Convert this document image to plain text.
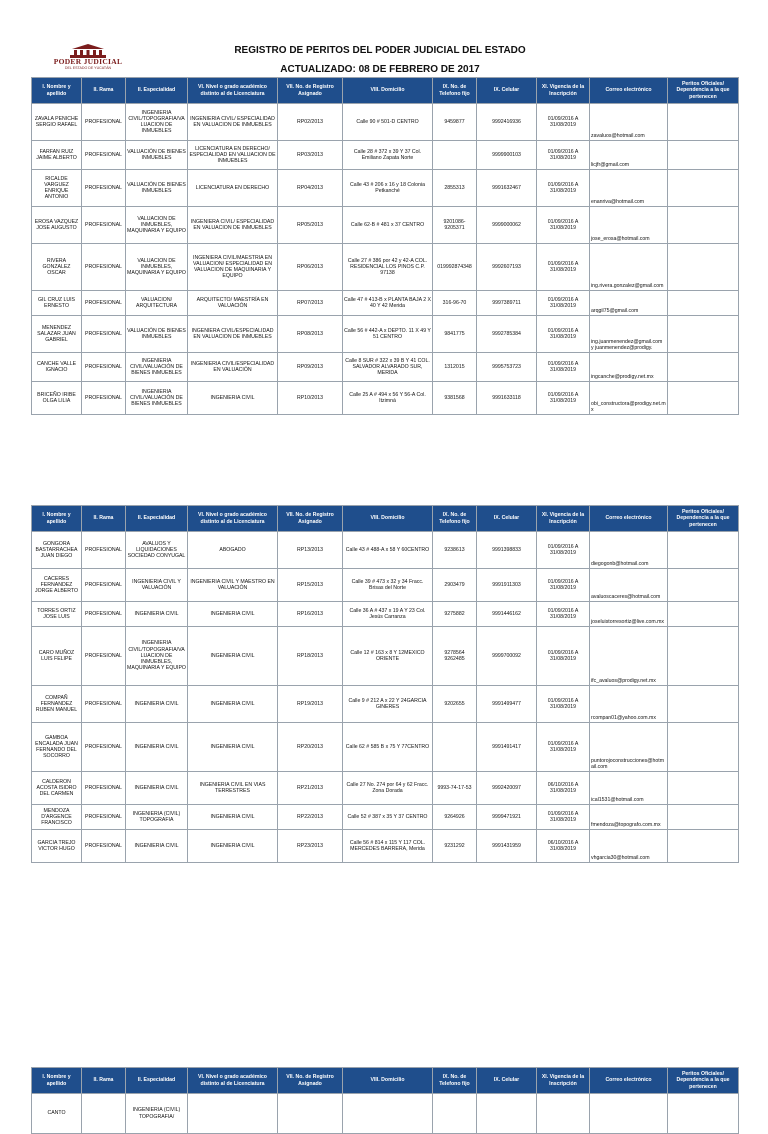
PODER JUDICIAL
DEL ESTADO DE YUCATÁN
REGISTRO DE PERITOS DEL PODER JUDICIAL DEL ESTADO
ACTUALIZADO: 08 DE FEBRERO DE 2017
I. Nombre y apellido	II. Rama	II. Especialidad	VI. Nivel o grado académico distinto al de Licenciatura	VII. No. de Registro Asignado	VIII. Domicilio	IX. No. de Telefono fijo	IX. Celular	XI. Vigencia de la Inscripción	Correo electrónico	Peritos Oficiales/ Dependencia a la que pertenecen
ZAVALA PENICHE SERGIO RAFAEL	PROFESIONAL	INGENIERIA CIVIL/TOPOGRAFIA/VALUACION DE INMUEBLES	INGENIERIA CIVIL/ ESPECIALIDAD EN VALUACION DE INMUEBLES	RP02/2013	Calle 90 # 501-D CENTRO	9459877	9992416936	01/09/2016 A 31/08/2019	zavaluos@hotmail.com	
FARFAN RUIZ JAIME ALBERTO	PROFESIONAL	VALUACIÓN DE BIENES INMUEBLES	LICENCIATURA EN DERECHO/ ESPECIALIDAD EN VALUACION DE INMUEBLES	RP03/2013	Calle 28 # 372 x 39 Y 37 Col. Emiliano Zapata Norte		9999900103	01/09/2016 A 31/08/2019	licjfr@gmail.com	
RICALDE VARGUEZ ENRIQUE ANTONIO	PROFESIONAL	VALUACIÓN DE BIENES INMUEBLES	LICENCIATURA EN DERECHO	RP04/2013	Calle 43 # 206 x 16 y 18 Colonia Petkanché	2855313	9991632467	01/09/2016 A 31/08/2019	enanriva@hotmail.com	
EROSA VAZQUEZ JOSE AUGUSTO	PROFESIONAL	VALUACION DE INMUEBLES, MAQUINARIA Y EQUIPO	INGENIERA CIVIL/ ESPECIALIDAD EN VALUACION DE INMUEBLES	RP05/2013	Calle 62-B # 481 x 37 CENTRO	9201086-9205371	9999000062	01/09/2016 A 31/08/2019	jose_erosa@hotmail.com	
RIVERA GONZALEZ OSCAR	PROFESIONAL	VALUACION DE INMUEBLES, MAQUINARIA Y EQUIPO	INGENIERA CIVIL/MAESTRIA EN VALUACION/ ESPECIALIDAD EN VALUACION DE MAQUINARIA Y EQUIPO	RP06/2013	Calle 27 # 386 por 42 y 42-A COL. RESIDENCIAL LOS PINOS C.P. 97138	019992874348	9992607193	01/09/2016 A 31/08/2019	ing.rivera.gonzalez@gmail.com	
GIL CRUZ LUIS ERNESTO	PROFESIONAL	VALUACION/ ARQUITECTURA	ARQUITECTO/ MAESTRÍA EN VALUACIÓN	RP07/2013	Calle 47 # 413-B x PLANTA BAJA 2 X 40 Y 42 Merida	316-96-70	9997389711	01/09/2016 A 31/08/2019	arqgil75@gmail.com	
MENENDEZ SALAZAR JUAN GABRIEL	PROFESIONAL	VALUACIÓN DE BIENES INMUEBLES	INGENIERA CIVIL/ESPECIALIDAD EN VALUACION DE INMUEBLES	RP08/2013	Calle 56 # 442-A x DEPTO. 11 X 49 Y 51 CENTRO	9841775	9992785384	01/09/2016 A 31/08/2019	ing.juanmenendez@gmail.com y juanmenendez@prodigy.	
CANCHE VALLE IGNACIO	PROFESIONAL	INGENIERIA CIVIL/VALUACIÓN DE BIENES INMUEBLES	INGENIERIA CIVIL/ESPECIALIDAD EN VALUACIÓN	RP09/2013	Calle 8 SUR # 322 x 39 B Y 41 COL. SALVADOR ALVARADO SUR, MERIDA	1312015	9995753723	01/09/2016 A 31/08/2019	ingcanche@prodigy.net.mx	
BRICEÑO IRIBE OLGA LILIA	PROFESIONAL	INGENIERIA CIVIL/VALUACIÓN DE BIENES INMUEBLES	INGENIERIA CIVIL	RP10/2013	Calle 25 A # 494 x 56 Y 56-A Col. Itzimná	9381568	9991633118	01/09/2016 A 31/08/2019	obi_constructora@prodigy.net.mx	
I. Nombre y apellido	II. Rama	II. Especialidad	VI. Nivel o grado académico distinto al de Licenciatura	VII. No. de Registro Asignado	VIII. Domicilio	IX. No. de Telefono fijo	IX. Celular	XI. Vigencia de la Inscripción	Correo electrónico	Peritos Oficiales/ Dependencia a la que pertenecen
GONGORA BASTARRACHEA JUAN DIEGO	PROFESIONAL	AVALUOS Y LIQUIDACIONES SOCIEDAD CONYUGAL	ABOGADO	RP13/2013	Calle 43 # 488-A x 58 Y 60CENTRO	9238613	9991398833	01/09/2016 A 31/08/2019	diegogonb@hotmail.com	
CACERES FERNANDEZ JORGE ALBERTO	PROFESIONAL	INGENIERIA CIVIL Y VALUACIÓN	INGENIERIA CIVIL Y MAESTRO EN VALUACIÓN	RP15/2013	Calle 39 # 473 x 32 y 34 Fracc. Brisas del Norte	2903479	9991911303	01/09/2016 A 31/08/2019	avaluoscaceres@hotmail.com	
TORRES ORTIZ JOSE LUIS	PROFESIONAL	INGENIERIA CIVIL	INGENIERIA CIVIL	RP16/2013	Calle 36 A # 437 x 19 A Y 23 Col. Jesús Carranza	9275882	9991446162	01/09/2016 A 31/08/2019	joseluistorresortiz@live.com.mx	
CARO MUÑOZ LUIS FELIPE	PROFESIONAL	INGENIERIA CIVIL/TOPOGRAFIA/VALUACION DE INMUEBLES, MAQUINARIA Y EQUIPO	INGENIERIA CIVIL	RP18/2013	Calle 12 # 163 x 8 Y 12MEXICO ORIENTE	9278564 9262485	9999700092	01/09/2016 A 31/08/2019	ifc_avaluos@prodigy.net.mx	
COMPAÑ FERNANDEZ RUBEN MANUEL	PROFESIONAL	INGENIERIA CIVIL	INGENIERIA CIVIL	RP19/2013	Calle 9 # 212 A x 22 Y 24GARCIA GINERES	9202655	9991499477	01/09/2016 A 31/08/2019	rcompan01@yahoo.com.mx	
GAMBOA ENCALADA JUAN FERNANDO DEL SOCORRO	PROFESIONAL	INGENIERIA CIVIL	INGENIERIA CIVIL	RP20/2013	Calle 62 # 585 B x 75 Y 77CENTRO		9991491417	01/09/2016 A 31/08/2019	puntorojoconstrucciones@hotmail.com	
CALDERON ACOSTA ISIDRO DEL CARMEN	PROFESIONAL	INGENIERIA CIVIL	INGENIERIA CIVIL EN VIAS TERRESTRES	RP21/2013	Calle 27 No. 274 por 64 y 62 Fracc. Zona Dorada	9993-74-17-53	9992420097	06/10/2016 A 31/08/2019	ical1531@hotmail.com	
MENDOZA D'ARGENCE FRANCISCO	PROFESIONAL	INGENIERIA (CIVIL) TOPOGRAFIA	INGENIERIA CIVIL	RP22/2013	Calle 52 # 387 x 35 Y 37 CENTRO	9264926	9999471921	01/09/2016 A 31/08/2019	fmendoza@topografo.com.mx	
GARCIA TREJO VICTOR HUGO	PROFESIONAL	INGENIERIA CIVIL	INGENIERIA CIVIL	RP23/2013	Calle 56 # 814 x 115 Y 117 COL. MERCEDES BARRERA, Merida	9231292	9991431959	06/10/2016 A 31/08/2019	vhgarcia30@hotmail.com	
I. Nombre y apellido	II. Rama	II. Especialidad	VI. Nivel o grado académico distinto al de Licenciatura	VII. No. de Registro Asignado	VIII. Domicilio	IX. No. de Telefono fijo	IX. Celular	XI. Vigencia de la Inscripción	Correo electrónico	Peritos Oficiales/ Dependencia a la que pertenecen
CANTO		INGENIERIA (CIVIL) TOPOGRAFIA/								
